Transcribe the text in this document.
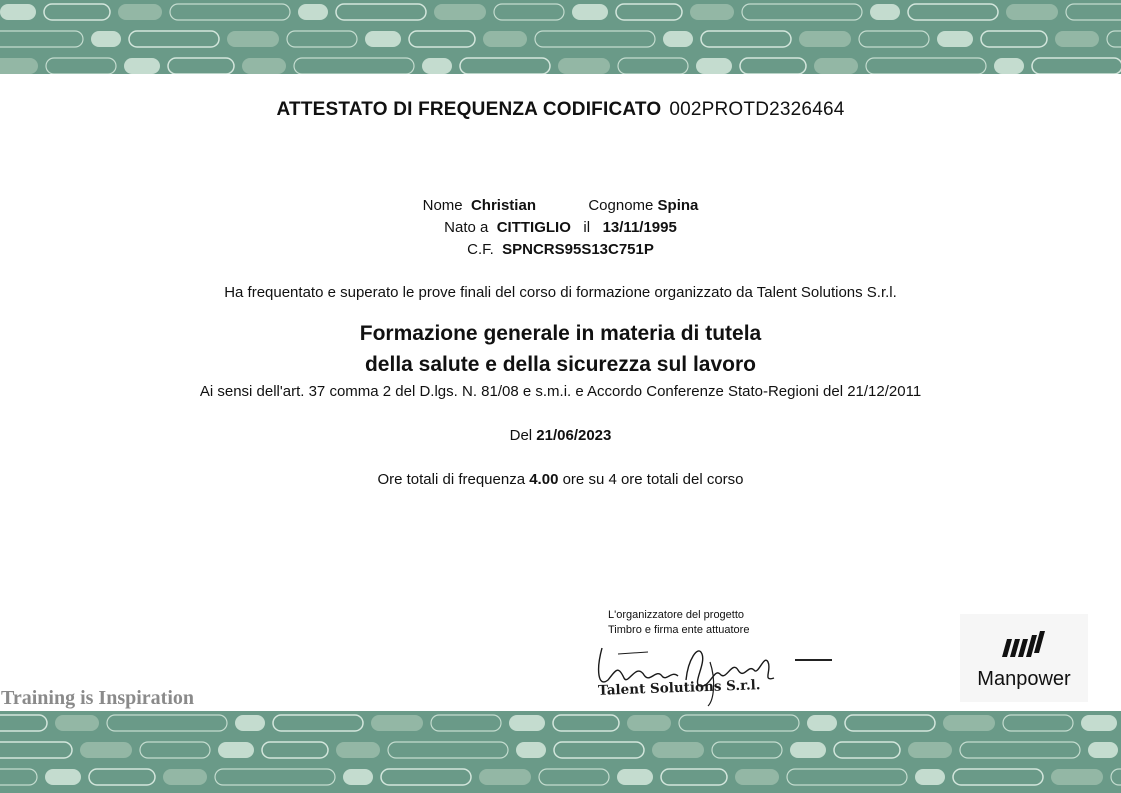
ATTESTATO DI FREQUENZA CODIFICATO 002PROTD2326464
Nome Christian	Cognome Spina
Nato a CITTIGLIO il 13/11/1995
C.F. SPNCRS95S13C751P
Ha frequentato e superato le prove finali del corso di formazione organizzato da Talent Solutions S.r.l.
Formazione generale in materia di tutela
della salute e della sicurezza sul lavoro
Ai sensi dell'art. 37 comma 2 del D.lgs. N. 81/08 e s.m.i. e Accordo Conferenze Stato-Regioni del 21/12/2011
Del 21/06/2023
Ore totali di frequenza 4.00 ore su 4 ore totali del corso
L'organizzatore del progetto
Timbro e firma ente attuatore
Talent Solutions S.r.l.	Manpower
Training is Inspiration
